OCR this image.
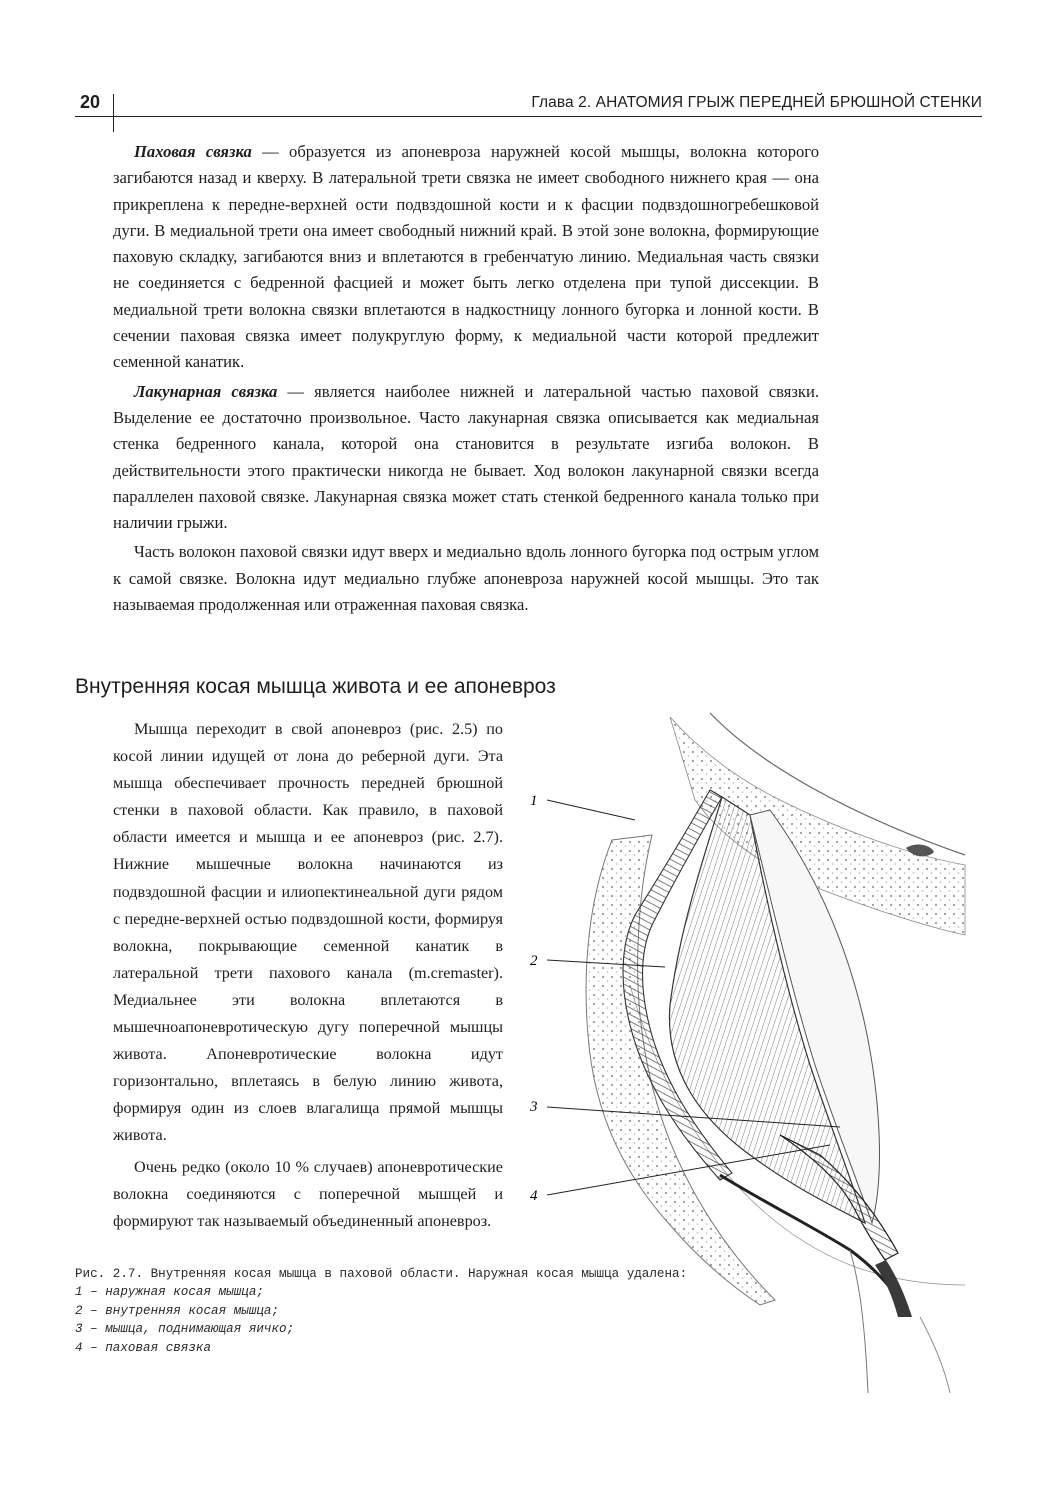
20	Глава 2. АНАТОМИЯ ГРЫЖ ПЕРЕДНЕЙ БРЮШНОЙ СТЕНКИ

Паховая связка — образуется из апоневроза наружней косой мышцы, волокна которого загибаются назад и кверху. В латеральной трети связка не имеет свободного нижнего края — она прикреплена к передне-верхней ости подвздошной кости и к фасции подвздошногребешковой дуги. В медиальной трети она имеет свободный нижний край. В этой зоне волокна, формирующие паховую складку, загибаются вниз и вплетаются в гребенчатую линию. Медиальная часть связки не соединяется с бедренной фасцией и может быть легко отделена при тупой диссекции. В медиальной трети волокна связки вплетаются в надкостницу лонного бугорка и лонной кости. В сечении паховая связка имеет полукруглую форму, к медиальной части которой предлежит семенной канатик.

Лакунарная связка — является наиболее нижней и латеральной частью паховой связки. Выделение ее достаточно произвольное. Часто лакунарная связка описывается как медиальная стенка бедренного канала, которой она становится в результате изгиба волокон. В действительности этого практически никогда не бывает. Ход волокон лакунарной связки всегда параллелен паховой связке. Лакунарная связка может стать стенкой бедренного канала только при наличии грыжи.

Часть волокон паховой связки идут вверх и медиально вдоль лонного бугорка под острым углом к самой связке. Волокна идут медиально глубже апоневроза наружней косой мышцы. Это так называемая продолженная или отраженная паховая связка.

Внутренняя косая мышца живота и ее апоневроз

Мышца переходит в свой апоневроз (рис. 2.5) по косой линии идущей от лона до реберной дуги. Эта мышца обеспечивает прочность передней брюшной стенки в паховой области. Как правило, в паховой области имеется и мышца и ее апоневроз (рис. 2.7). Нижние мышечные волокна начинаются из подвздошной фасции и илиопектинеальной дуги рядом с передне-верхней остью подвздошной кости, формируя волокна, покрывающие семенной канатик в латеральной трети пахового канала (m.cremaster). Медиальнее эти волокна вплетаются в мышечноапоневротическую дугу поперечной мышцы живота. Апоневротические волокна идут горизонтально, вплетаясь в белую линию живота, формируя один из слоев влагалища прямой мышцы живота.

Очень редко (около 10 % случаев) апоневротические волокна соединяются с поперечной мышцей и формируют так называемый объединенный апоневроз.

1
2
3
4
Рис. 2.7. Внутренняя косая мышца в паховой области. Наружная косая мышца удалена:
1 – наружная косая мышца;
2 – внутренняя косая мышца;
3 – мышца, поднимающая яичко;
4 – паховая связка
